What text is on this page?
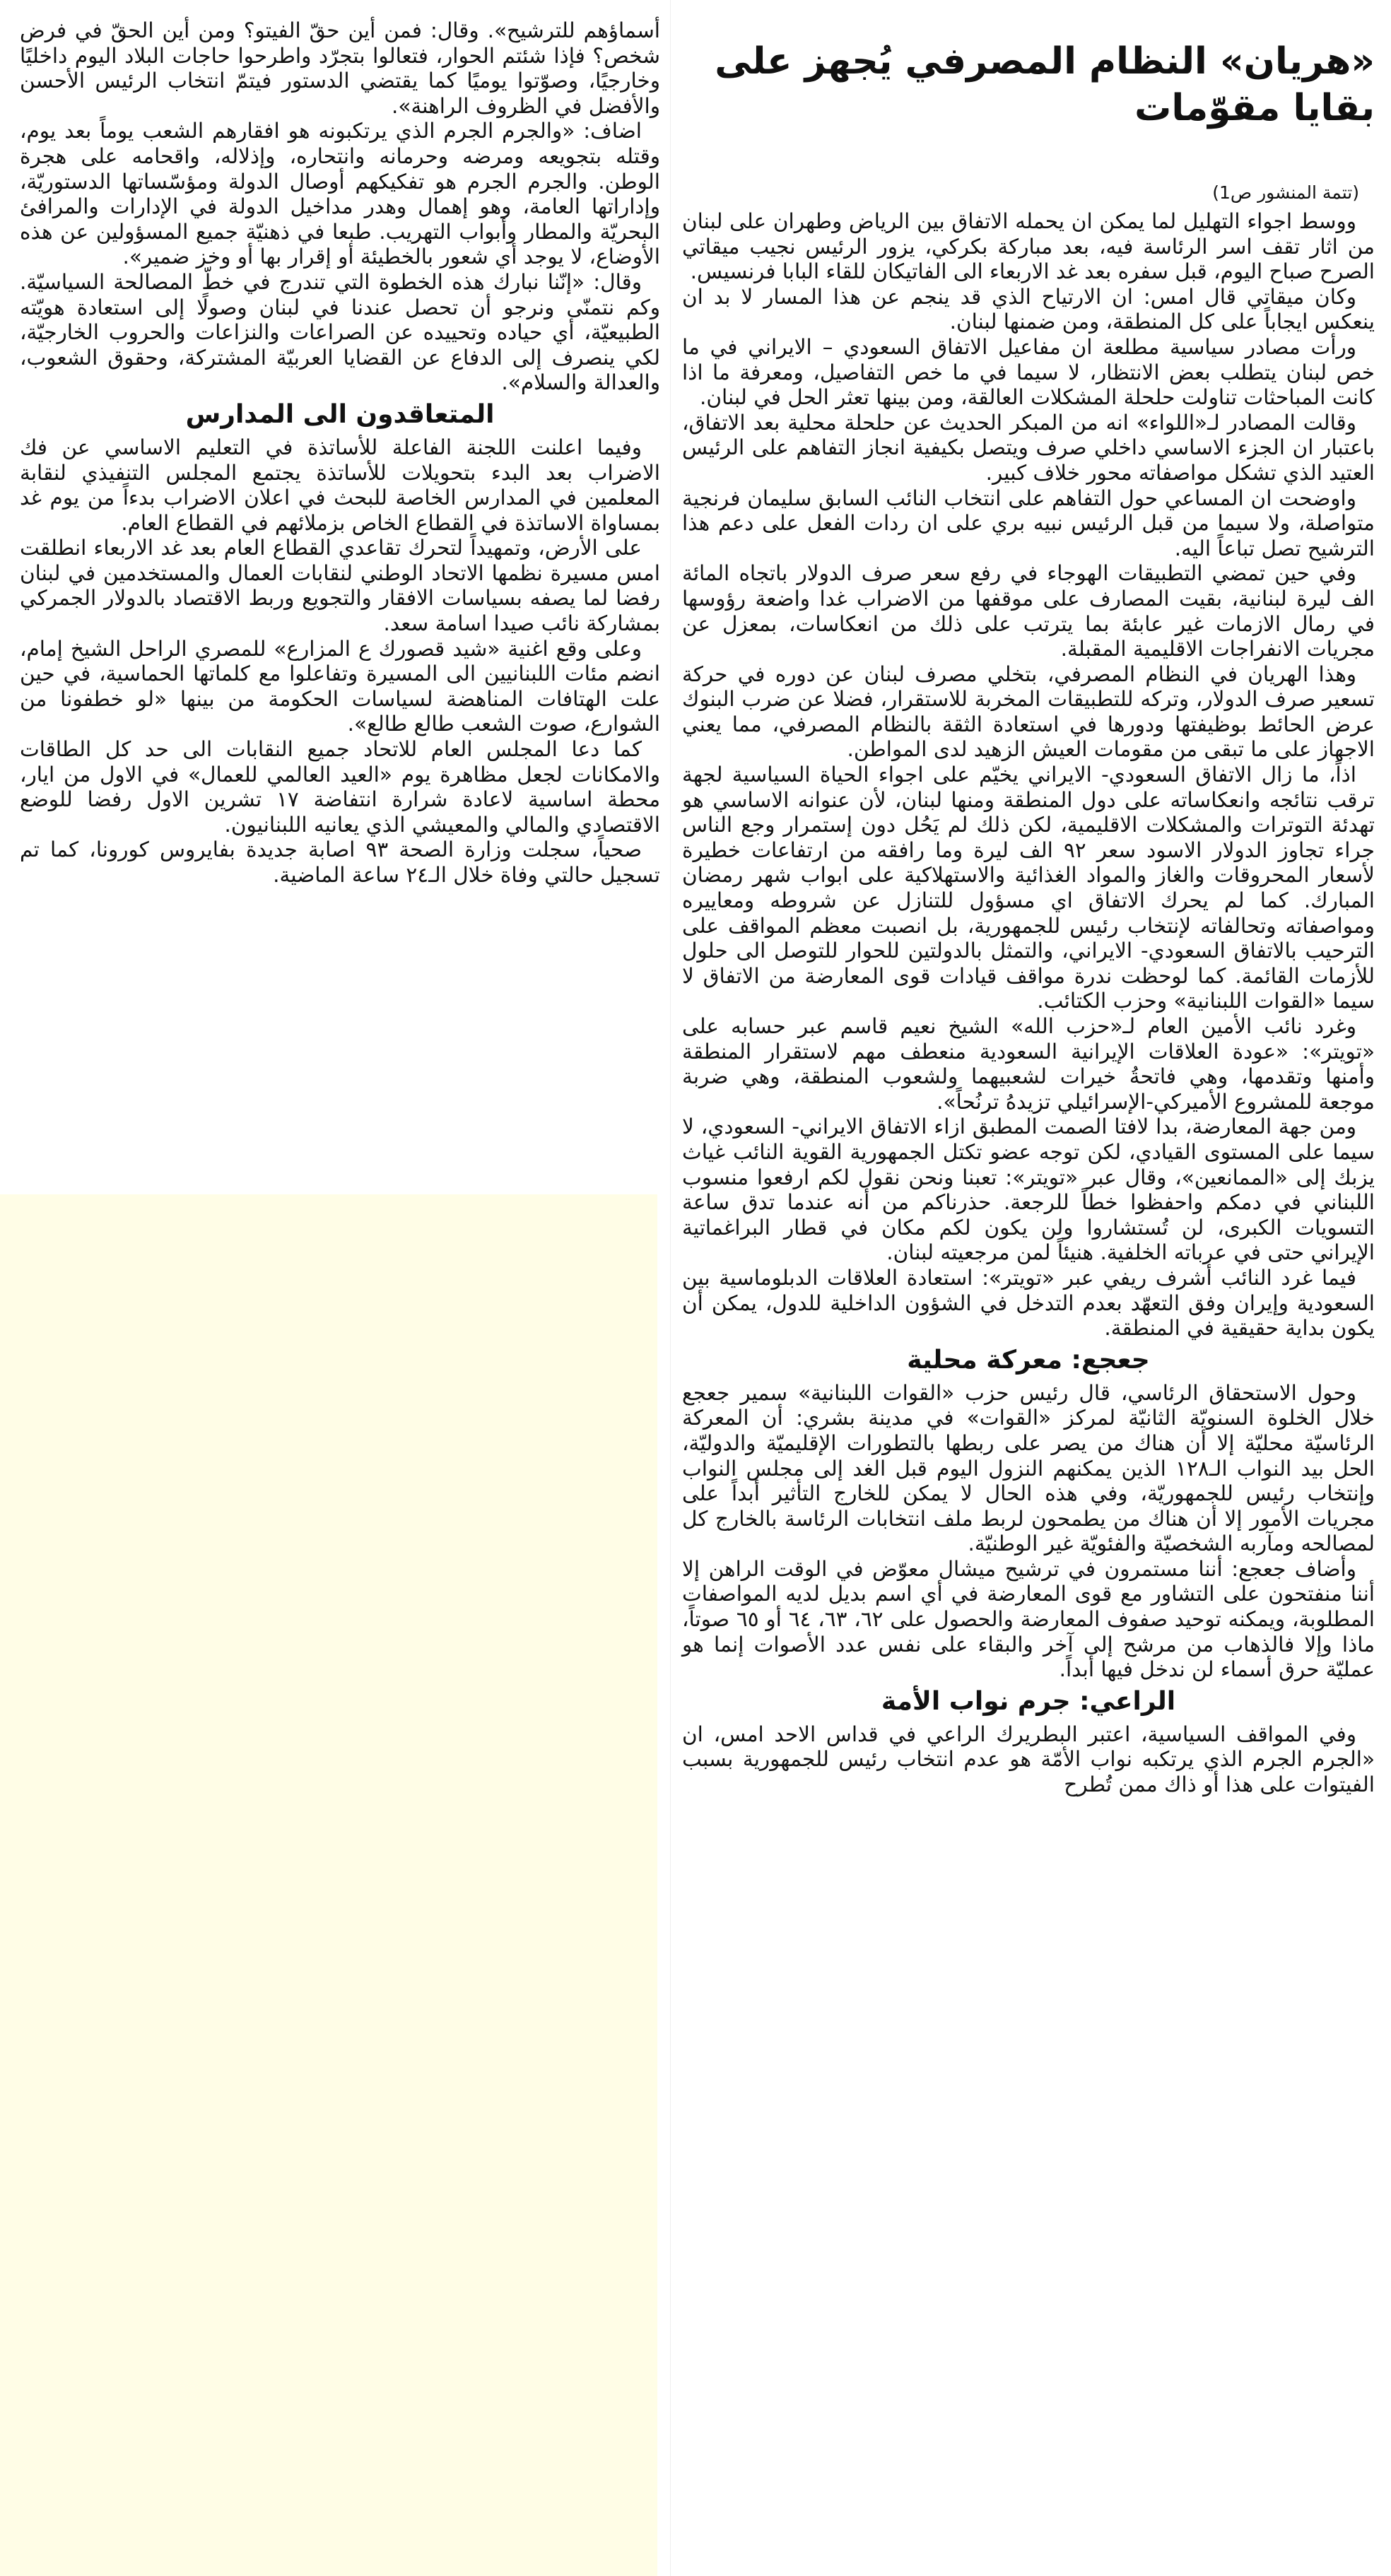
«هريان» النظام المصرفي يُجهز على بقايا مقوّمات
(تتمة المنشور ص1)

ووسط اجواء التهليل لما يمكن ان يحمله الاتفاق بين الرياض وطهران على لبنان من اثار تقف اسر الرئاسة فيه، بعد مباركة بكركي، يزور الرئيس نجيب ميقاتي الصرح صباح اليوم، قبل سفره بعد غد الاربعاء الى الفاتيكان للقاء البابا فرنسيس.

وكان ميقاتي قال امس: ان الارتياح الذي قد ينجم عن هذا المسار لا بد ان ينعكس ايجاباً على كل المنطقة، ومن ضمنها لبنان.

ورأت مصادر سياسية مطلعة ان مفاعيل الاتفاق السعودي – الايراني في ما خص لبنان يتطلب بعض الانتظار، لا سيما في ما خص التفاصيل، ومعرفة ما اذا كانت المباحثات تناولت حلحلة المشكلات العالقة، ومن بينها تعثر الحل في لبنان.

وقالت المصادر لـ«اللواء» انه من المبكر الحديث عن حلحلة محلية بعد الاتفاق، باعتبار ان الجزء الاساسي داخلي صرف ويتصل بكيفية انجاز التفاهم على الرئيس العتيد الذي تشكل مواصفاته محور خلاف كبير.

واوضحت ان المساعي حول التفاهم على انتخاب النائب السابق سليمان فرنجية متواصلة، ولا سيما من قبل الرئيس نبيه بري على ان ردات الفعل على دعم هذا الترشيح تصل تباعاً اليه.

وفي حين تمضي التطبيقات الهوجاء في رفع سعر صرف الدولار باتجاه المائة الف ليرة لبنانية، بقيت المصارف على موقفها من الاضراب غدا واضعة رؤوسها في رمال الازمات غير عابئة بما يترتب على ذلك من انعكاسات، بمعزل عن مجريات الانفراجات الاقليمية المقبلة.

وهذا الهريان في النظام المصرفي، بتخلي مصرف لبنان عن دوره في حركة تسعير صرف الدولار، وتركه للتطبيقات المخربة للاستقرار، فضلا عن ضرب البنوك عرض الحائط بوظيفتها ودورها في استعادة الثقة بالنظام المصرفي، مما يعني الاجهاز على ما تبقى من مقومات العيش الزهيد لدى المواطن.

اذاً، ما زال الاتفاق السعودي- الايراني يخيّم على اجواء الحياة السياسية لجهة ترقب نتائجه وانعكاساته على دول المنطقة ومنها لبنان، لأن عنوانه الاساسي هو تهدئة التوترات والمشكلات الاقليمية، لكن ذلك لم يَحُل دون إستمرار وجع الناس جراء تجاوز الدولار الاسود سعر ٩٢ الف ليرة وما رافقه من ارتفاعات خطيرة لأسعار المحروقات والغاز والمواد الغذائية والاستهلاكية على ابواب شهر رمضان المبارك. كما لم يحرك الاتفاق اي مسؤول للتنازل عن شروطه ومعاييره ومواصفاته وتحالفاته لإنتخاب رئيس للجمهورية، بل انصبت معظم المواقف على الترحيب بالاتفاق السعودي- الايراني، والتمثل بالدولتين للحوار للتوصل الى حلول للأزمات القائمة. كما لوحظت ندرة مواقف قيادات قوى المعارضة من الاتفاق لا سيما «القوات اللبنانية» وحزب الكتائب.

وغرد نائب الأمين العام لـ«حزب الله» الشيخ نعيم قاسم عبر حسابه على «تويتر»: «عودة العلاقات الإيرانية السعودية منعطف مهم لاستقرار المنطقة وأمنها وتقدمها، وهي فاتحةُ خيرات لشعبيهما ولشعوب المنطقة، وهي ضربة موجعة للمشروع الأميركي-الإسرائيلي تزيدهُ ترنُحاً».

ومن جهة المعارضة، بدا لافتا الصمت المطبق ازاء الاتفاق الايراني- السعودي، لا سيما على المستوى القيادي، لكن توجه عضو تكتل الجمهورية القوية النائب غياث يزبك إلى «الممانعين»، وقال عبر «تويتر»: تعبنا ونحن نقول لكم ارفعوا منسوب اللبناني في دمكم واحفظوا خطاً للرجعة. حذرناكم من أنه عندما تدق ساعة التسويات الكبرى، لن تُستشاروا ولن يكون لكم مكان في قطار البراغماتية الإيراني حتى في عرباته الخلفية. هنيئاً لمن مرجعيته لبنان.

فيما غرد النائب أشرف ريفي عبر «تويتر»: استعادة العلاقات الدبلوماسية بين السعودية وإيران وفق التعهّد بعدم التدخل في الشؤون الداخلية للدول، يمكن أن يكون بداية حقيقية في المنطقة.

جعجع: معركة محلية

وحول الاستحقاق الرئاسي، قال رئيس حزب «القوات اللبنانية» سمير جعجع خلال الخلوة السنويّة الثانيّة لمركز «القوات» في مدينة بشري: أن المعركة الرئاسيّة محليّة إلا أن هناك من يصر على ربطها بالتطورات الإقليميّة والدوليّة، الحل بيد النواب الـ١٢٨ الذين يمكنهم النزول اليوم قبل الغد إلى مجلس النواب وإنتخاب رئيس للجمهوريّة، وفي هذه الحال لا يمكن للخارج التأثير أبداً على مجريات الأمور إلا أن هناك من يطمحون لربط ملف انتخابات الرئاسة بالخارج كل لمصالحه ومآربه الشخصيّة والفئويّة غير الوطنيّة.

وأضاف جعجع: أننا مستمرون في ترشيح ميشال معوّض في الوقت الراهن إلا أننا منفتحون على التشاور مع قوى المعارضة في أي اسم بديل لديه المواصفات المطلوبة، ويمكنه توحيد صفوف المعارضة والحصول على ٦٢، ٦٣، ٦٤ أو ٦٥ صوتاً، ماذا وإلا فالذهاب من مرشح إلى آخر والبقاء على نفس عدد الأصوات إنما هو عمليّة حرق أسماء لن ندخل فيها أبداً.

الراعي: جرم نواب الأمة

وفي المواقف السياسية، اعتبر البطريرك الراعي في قداس الاحد امس، ان «الجرم الجرم الذي يرتكبه نواب الأمّة هو عدم انتخاب رئيس للجمهورية بسبب الفيتوات على هذا أو ذاك ممن تُطرح

أسماؤهم للترشيح». وقال: فمن أين حقّ الفيتو؟ ومن أين الحقّ في فرض شخص؟ فإذا شئتم الحوار، فتعالوا بتجرّد واطرحوا حاجات البلاد اليوم داخليًا وخارجيًا، وصوّتوا يوميًا كما يقتضي الدستور فيتمّ انتخاب الرئيس الأحسن والأفضل في الظروف الراهنة».

اضاف: «والجرم الجرم الذي يرتكبونه هو افقارهم الشعب يوماً بعد يوم، وقتله بتجويعه ومرضه وحرمانه وانتحاره، وإذلاله، واقحامه على هجرة الوطن. والجرم الجرم هو تفكيكهم أوصال الدولة ومؤسّساتها الدستوريّة، وإداراتها العامة، وهو إهمال وهدر مداخيل الدولة في الإدارات والمرافئ البحريّة والمطار وأبواب التهريب. طبعا في ذهنيّة جميع المسؤولين عن هذه الأوضاع، لا يوجد أي شعور بالخطيئة أو إقرار بها أو وخز ضمير».

وقال: «إنّنا نبارك هذه الخطوة التي تندرج في خطّ المصالحة السياسيّة. وكم نتمنّى ونرجو أن تحصل عندنا في لبنان وصولًا إلى استعادة هويّته الطبيعيّة، أي حياده وتحييده عن الصراعات والنزاعات والحروب الخارجيّة، لكي ينصرف إلى الدفاع عن القضايا العربيّة المشتركة، وحقوق الشعوب، والعدالة والسلام».

المتعاقدون الى المدارس

وفيما اعلنت اللجنة الفاعلة للأساتذة في التعليم الاساسي عن فك الاضراب بعد البدء بتحويلات للأساتذة يجتمع المجلس التنفيذي لنقابة المعلمين في المدارس الخاصة للبحث في اعلان الاضراب بدءاً من يوم غد بمساواة الاساتذة في القطاع الخاص بزملائهم في القطاع العام.

على الأرض، وتمهيداً لتحرك تقاعدي القطاع العام بعد غد الاربعاء انطلقت امس مسيرة نظمها الاتحاد الوطني لنقابات العمال والمستخدمين في لبنان رفضا لما يصفه بسياسات الافقار والتجويع وربط الاقتصاد بالدولار الجمركي بمشاركة نائب صيدا اسامة سعد.

وعلى وقع اغنية «شيد قصورك ع المزارع» للمصري الراحل الشيخ إمام، انضم مئات اللبنانيين الى المسيرة وتفاعلوا مع كلماتها الحماسية، في حين علت الهتافات المناهضة لسياسات الحكومة من بينها «لو خطفونا من الشوارع، صوت الشعب طالع طالع».

كما دعا المجلس العام للاتحاد جميع النقابات الى حد كل الطاقات والامكانات لجعل مظاهرة يوم «العيد العالمي للعمال» في الاول من ايار، محطة اساسية لاعادة شرارة انتفاضة ١٧ تشرين الاول رفضا للوضع الاقتصادي والمالي والمعيشي الذي يعانيه اللبنانيون.

صحياً، سجلت وزارة الصحة ٩٣ اصابة جديدة بفايروس كورونا، كما تم تسجيل حالتي وفاة خلال الـ٢٤ ساعة الماضية.
